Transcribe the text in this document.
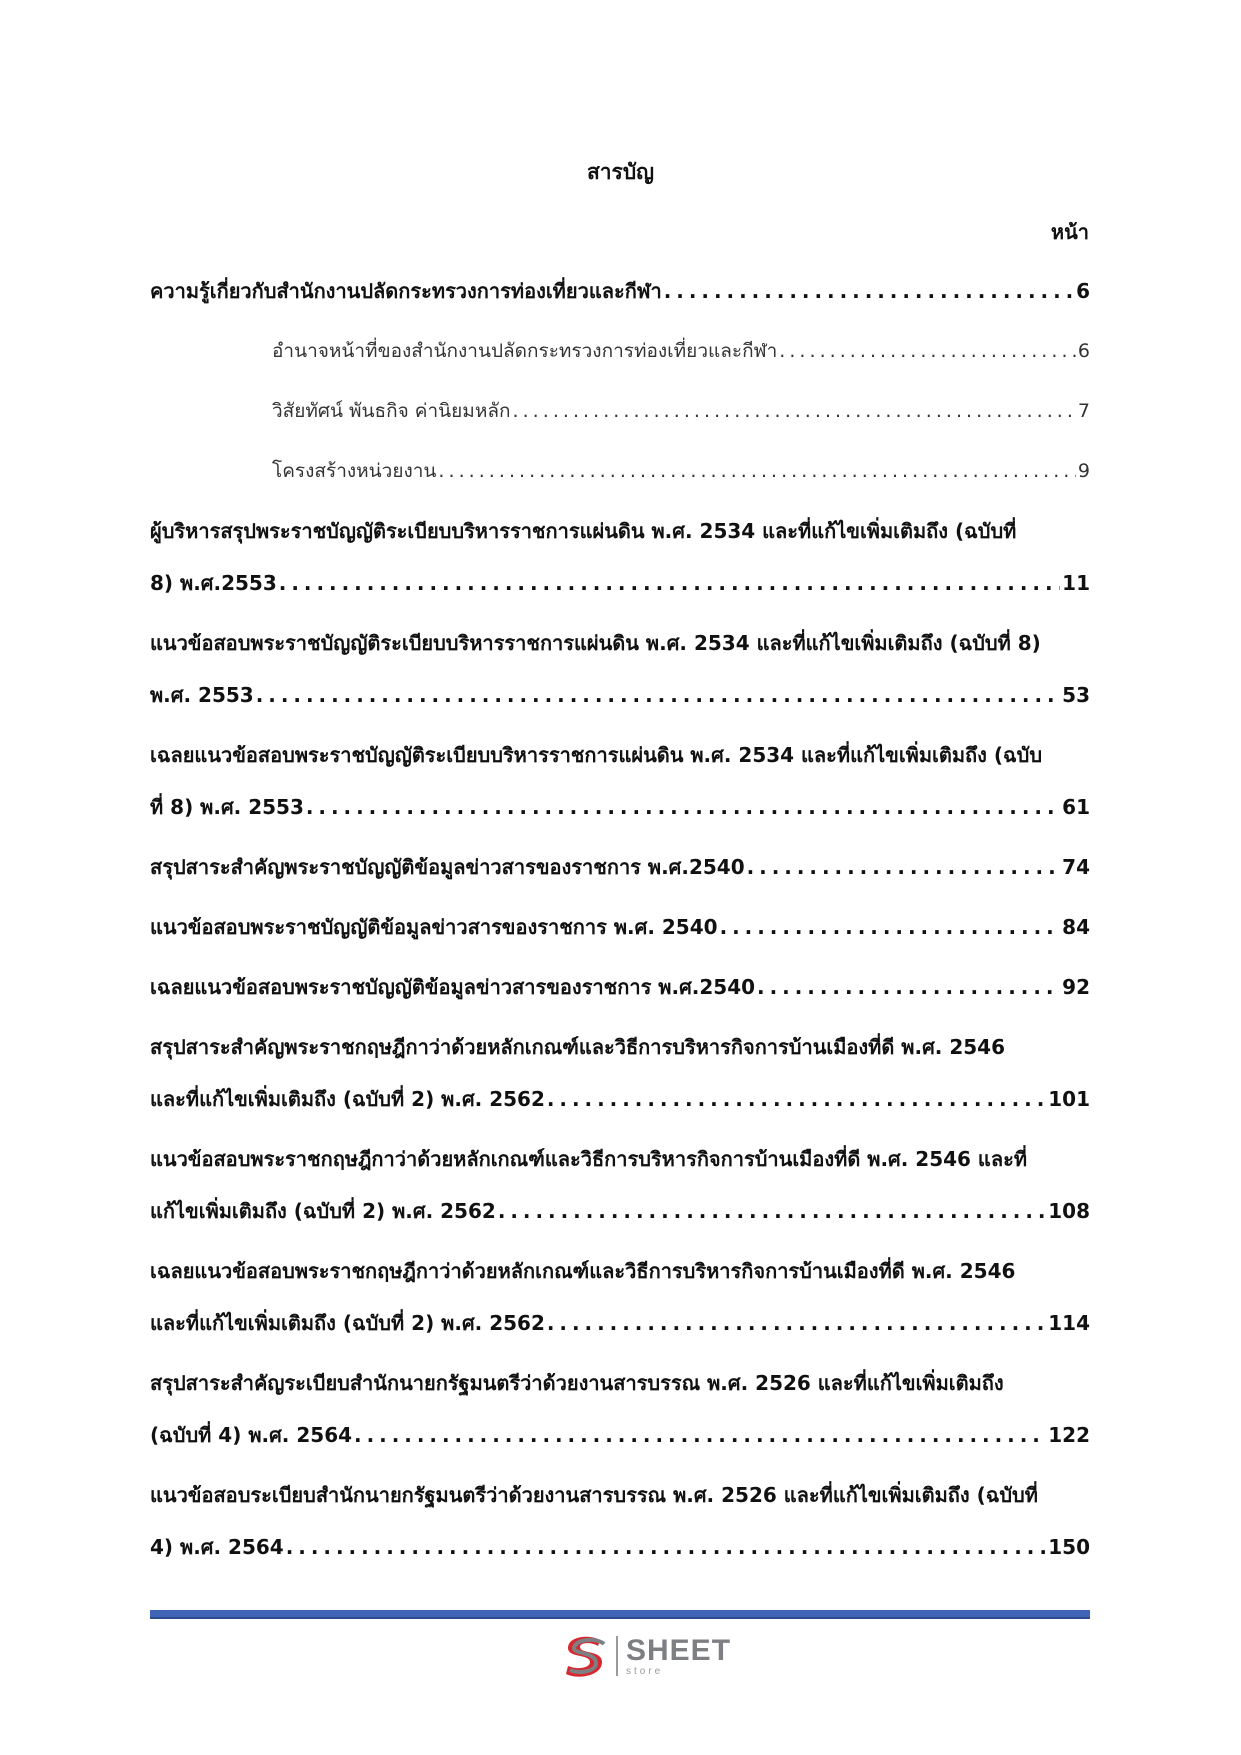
สารบัญ
หน้า
ความรู้เกี่ยวกับสำนักงานปลัดกระทรวงการท่องเที่ยวและกีฬา . . .	6
อำนาจหน้าที่ของสำนักงานปลัดกระทรวงการท่องเที่ยวและกีฬา . . .	6
วิสัยทัศน์ พันธกิจ ค่านิยมหลัก . . .	7
โครงสร้างหน่วยงาน . . .	9
ผู้บริหารสรุปพระราชบัญญัติระเบียบบริหารราชการแผ่นดิน พ.ศ. 2534 และที่แก้ไขเพิ่มเติมถึง (ฉบับที่
8) พ.ศ.2553 . . .	11
แนวข้อสอบพระราชบัญญัติระเบียบบริหารราชการแผ่นดิน พ.ศ. 2534 และที่แก้ไขเพิ่มเติมถึง (ฉบับที่ 8)
พ.ศ. 2553 . . .	53
เฉลยแนวข้อสอบพระราชบัญญัติระเบียบบริหารราชการแผ่นดิน พ.ศ. 2534 และที่แก้ไขเพิ่มเติมถึง (ฉบับ
ที่ 8) พ.ศ. 2553 . . .	61
สรุปสาระสำคัญพระราชบัญญัติข้อมูลข่าวสารของราชการ พ.ศ.2540 . . .	74
แนวข้อสอบพระราชบัญญัติข้อมูลข่าวสารของราชการ พ.ศ. 2540 . . .	84
เฉลยแนวข้อสอบพระราชบัญญัติข้อมูลข่าวสารของราชการ พ.ศ.2540 . . .	92
สรุปสาระสำคัญพระราชกฤษฎีกาว่าด้วยหลักเกณฑ์และวิธีการบริหารกิจการบ้านเมืองที่ดี พ.ศ. 2546
และที่แก้ไขเพิ่มเติมถึง (ฉบับที่ 2) พ.ศ. 2562 . . .	101
แนวข้อสอบพระราชกฤษฎีกาว่าด้วยหลักเกณฑ์และวิธีการบริหารกิจการบ้านเมืองที่ดี พ.ศ. 2546 และที่
แก้ไขเพิ่มเติมถึง (ฉบับที่ 2) พ.ศ. 2562 . . .	108
เฉลยแนวข้อสอบพระราชกฤษฎีกาว่าด้วยหลักเกณฑ์และวิธีการบริหารกิจการบ้านเมืองที่ดี พ.ศ. 2546
และที่แก้ไขเพิ่มเติมถึง (ฉบับที่ 2) พ.ศ. 2562 . . .	114
สรุปสาระสำคัญระเบียบสำนักนายกรัฐมนตรีว่าด้วยงานสารบรรณ พ.ศ. 2526 และที่แก้ไขเพิ่มเติมถึง
(ฉบับที่ 4) พ.ศ. 2564 . . .	122
แนวข้อสอบระเบียบสำนักนายกรัฐมนตรีว่าด้วยงานสารบรรณ พ.ศ. 2526 และที่แก้ไขเพิ่มเติมถึง (ฉบับที่
4) พ.ศ. 2564 . . .	150
SHEET
store
